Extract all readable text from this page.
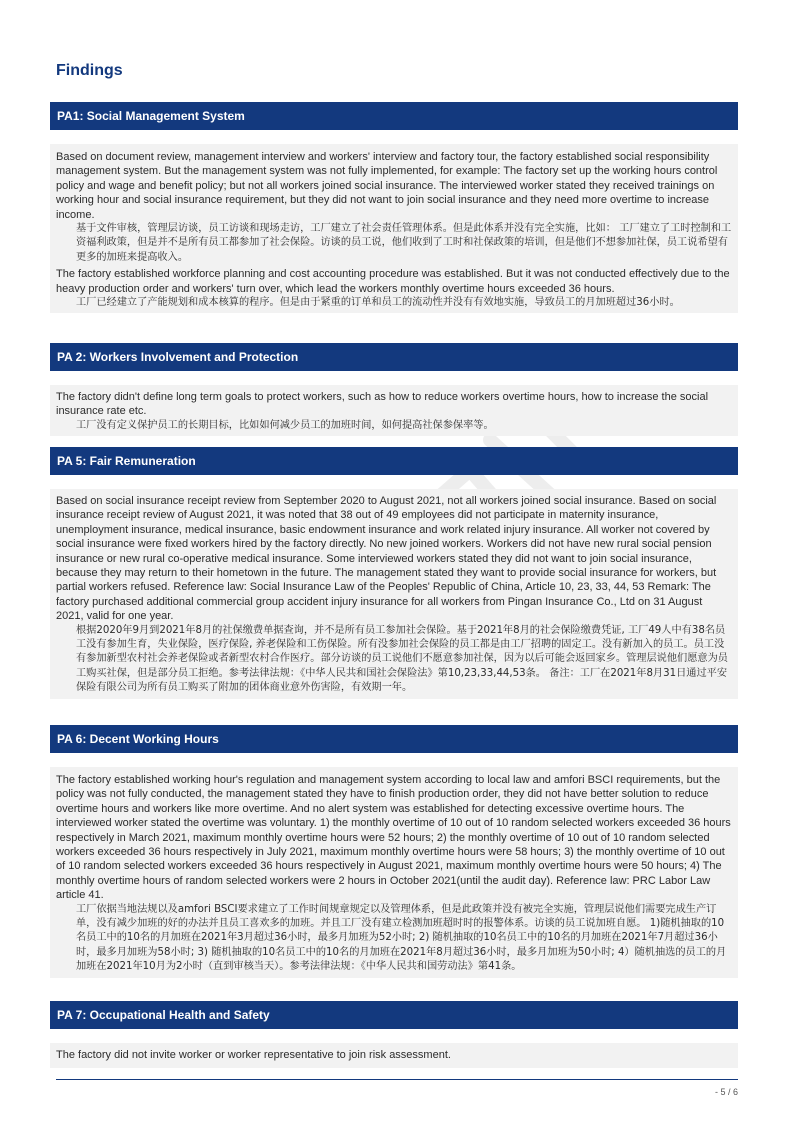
Findings
PA1: Social Management System
Based on document review, management interview and workers' interview and factory tour, the factory established social responsibility management system. But the management system was not fully implemented, for example: The factory set up the working hours control policy and wage and benefit policy; but not all workers joined social insurance. The interviewed worker stated they received trainings on working hour and social insurance requirement, but they did not want to join social insurance and they need more overtime to increase income.
基于文件审核，管理层访谈，员工访谈和现场走访，工厂建立了社会责任管理体系。但是此体系并没有完全实施，比如： 工厂建立了工时控制和工资福利政策，但是并不是所有员工都参加了社会保险。访谈的员工说，他们收到了工时和社保政策的培训，但是他们不想参加社保，员工说希望有更多的加班来提高收入。
The factory established workforce planning and cost accounting procedure was established. But it was not conducted effectively due to the heavy production order and workers' turn over, which lead the workers monthly overtime hours exceeded 36 hours.
工厂已经建立了产能规划和成本核算的程序。但是由于紧重的订单和员工的流动性并没有有效地实施，导致员工的月加班超过36小时。
PA 2: Workers Involvement and Protection
The factory didn't define long term goals to protect workers, such as how to reduce workers overtime hours, how to increase the social insurance rate etc.
工厂没有定义保护员工的长期目标，比如如何减少员工的加班时间，如何提高社保参保率等。
PA 5: Fair Remuneration
Based on social insurance receipt review from September 2020 to August 2021, not all workers joined social insurance. Based on social insurance receipt review of August 2021, it was noted that 38 out of 49 employees did not participate in maternity insurance, unemployment insurance, medical insurance, basic endowment insurance and work related injury insurance. All worker not covered by social insurance were fixed workers hired by the factory directly. No new joined workers. Workers did not have new rural social pension insurance or new rural co-operative medical insurance. Some interviewed workers stated they did not want to join social insurance, because they may return to their hometown in the future. The management stated they want to provide social insurance for workers, but partial workers refused. Reference law: Social Insurance Law of the Peoples' Republic of China, Article 10, 23, 33, 44, 53 Remark: The factory purchased additional commercial group accident injury insurance for all workers from Pingan Insurance Co., Ltd on 31 August 2021, valid for one year.
根据2020年9月到2021年8月的社保缴费单据查询，并不是所有员工参加社会保险。基于2021年8月的社会保险缴费凭证, 工厂49人中有38名员工没有参加生育，失业保险，医疗保险, 养老保险和工伤保险。所有没参加社会保险的员工都是由工厂招聘的固定工。没有新加入的员工。员工没有参加新型农村社会养老保险或者新型农村合作医疗。部分访谈的员工说他们不愿意参加社保，因为以后可能会返回家乡。管理层说他们愿意为员工购买社保，但是部分员工拒绝。参考法律法规：《中华人民共和国社会保险法》第10,23,33,44,53条。 备注：工厂在2021年8月31日通过平安保险有限公司为所有员工购买了附加的团体商业意外伤害险，有效期一年。
PA 6: Decent Working Hours
The factory established working hour's regulation and management system according to local law and amfori BSCI requirements, but the policy was not fully conducted, the management stated they have to finish production order, they did not have better solution to reduce overtime hours and workers like more overtime. And no alert system was established for detecting excessive overtime hours. The interviewed worker stated the overtime was voluntary. 1) the monthly overtime of 10 out of 10 random selected workers exceeded 36 hours respectively in March 2021, maximum monthly overtime hours were 52 hours; 2) the monthly overtime of 10 out of 10 random selected workers exceeded 36 hours respectively in July 2021, maximum monthly overtime hours were 58 hours; 3) the monthly overtime of 10 out of 10 random selected workers exceeded 36 hours respectively in August 2021, maximum monthly overtime hours were 50 hours; 4) The monthly overtime hours of random selected workers were 2 hours in October 2021(until the audit day). Reference law: PRC Labor Law article 41.
工厂依据当地法规以及amfori BSCI要求建立了工作时间规章规定以及管理体系，但是此政策并没有被完全实施，管理层说他们需要完成生产订单，没有减少加班的好的办法并且员工喜欢多的加班。并且工厂没有建立检测加班超时时的报警体系。访谈的员工说加班自愿。 1)随机抽取的10名员工中的10名的月加班在2021年3月超过36小时，最多月加班为52小时; 2) 随机抽取的10名员工中的10名的月加班在2021年7月超过36小时，最多月加班为58小时; 3) 随机抽取的10名员工中的10名的月加班在2021年8月超过36小时，最多月加班为50小时; 4）随机抽选的员工的月加班在2021年10月为2小时（直到审核当天）。参考法律法规：《中华人民共和国劳动法》第41条。
PA 7: Occupational Health and Safety
The factory did not invite worker or worker representative to join risk assessment.
- 5 / 6
